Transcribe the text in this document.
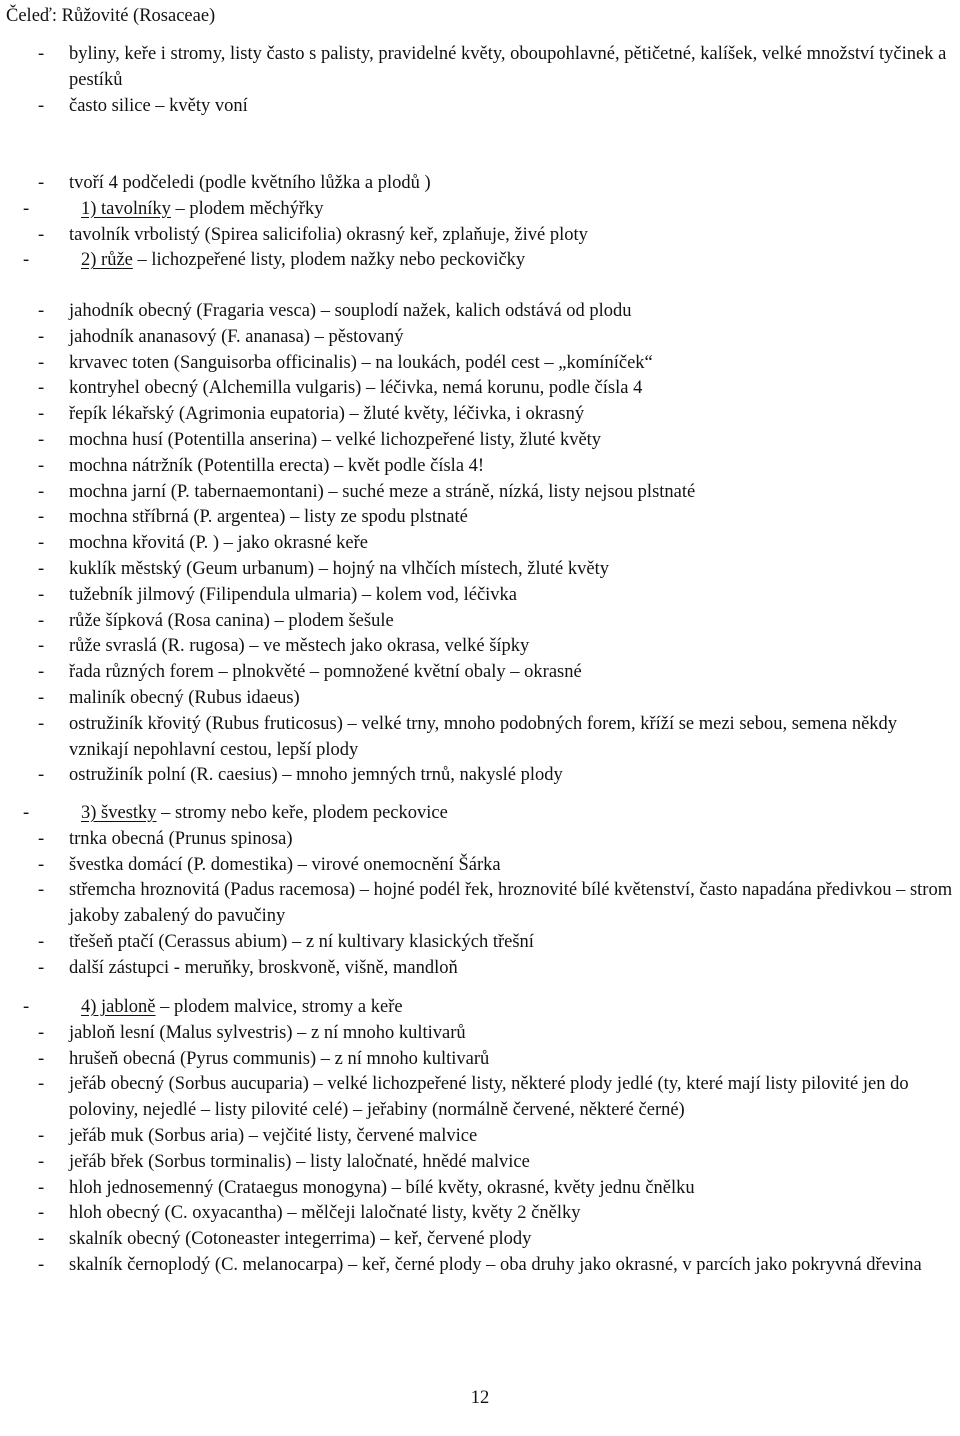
Čeleď: Růžovité (Rosaceae)
- byliny, keře i stromy, listy často s palisty, pravidelné květy, oboupohlavné, pětičetné, kalíšek, velké množství tyčinek a pestíků
- často silice – květy voní
- tvoří 4 podčeledi (podle květního lůžka a plodů )
-	1) tavolníky – plodem měchýřky
- tavolník vrbolistý (Spirea salicifolia) okrasný keř, zplaňuje, živé ploty
-	2) růže – lichozpeřené listy, plodem nažky nebo peckovičky
- jahodník obecný (Fragaria vesca) – souplodí nažek, kalich odstává od plodu
- jahodník ananasový (F. ananasa) – pěstovaný
- krvavec toten (Sanguisorba officinalis) – na loukách, podél cest – „komíníček“
- kontryhel obecný (Alchemilla vulgaris) – léčivka, nemá korunu, podle čísla 4
- řepík lékařský (Agrimonia eupatoria) – žluté květy, léčivka, i okrasný
- mochna husí (Potentilla anserina) – velké lichozpeřené listy, žluté květy
- mochna nátržník (Potentilla erecta) – květ podle čísla 4!
- mochna jarní (P. tabernaemontani) – suché meze a stráně, nízká, listy nejsou plstnaté
- mochna stříbrná (P. argentea) – listy ze spodu plstnaté
- mochna křovitá (P. ) – jako okrasné keře
- kuklík městský (Geum urbanum) – hojný na vlhčích místech, žluté květy
- tužebník jilmový (Filipendula ulmaria) – kolem vod, léčivka
- růže šípková (Rosa canina) – plodem šešule
- růže svraslá (R. rugosa) – ve městech jako okrasa, velké šípky
- řada různých forem – plnokvěté – pomnožené květní obaly – okrasné
- maliník obecný (Rubus idaeus)
- ostružiník křovitý (Rubus fruticosus) – velké trny, mnoho podobných forem, kříží se mezi sebou, semena někdy vznikají nepohlavní cestou, lepší plody
- ostružiník polní (R. caesius) – mnoho jemných trnů, nakyslé plody
-	3) švestky – stromy nebo keře, plodem peckovice
- trnka obecná (Prunus spinosa)
- švestka domácí (P. domestika) – virové onemocnění Šárka
- střemcha hroznovitá (Padus racemosa) – hojné podél řek, hroznovité bílé květenství, často napadána předivkou – strom jakoby zabalený do pavučiny
- třešeň ptačí (Cerassus abium) – z ní kultivary klasických třešní
- další zástupci - meruňky, broskvoně, višně, mandloň
-	4) jabloně – plodem malvice, stromy a keře
- jabloň lesní (Malus sylvestris) – z ní mnoho kultivarů
- hrušeň obecná (Pyrus communis) – z ní mnoho kultivarů
- jeřáb obecný (Sorbus aucuparia) – velké lichozpeřené listy, některé plody jedlé (ty, které mají listy pilovité jen do poloviny, nejedlé – listy pilovité celé) – jeřabiny (normálně červené, některé černé)
- jeřáb muk (Sorbus aria) – vejčité listy, červené malvice
- jeřáb břek (Sorbus torminalis) – listy laločnaté, hnědé malvice
- hloh jednosemenný (Crataegus monogyna) – bílé květy, okrasné, květy jednu čnělku
- hloh obecný (C. oxyacantha) – mělčeji laločnaté listy, květy 2 čnělky
- skalník obecný (Cotoneaster integerrima) – keř, červené plody
- skalník černoplodý (C. melanocarpa) – keř, černé plody – oba druhy jako okrasné, v parcích jako pokryvná dřevina
12
